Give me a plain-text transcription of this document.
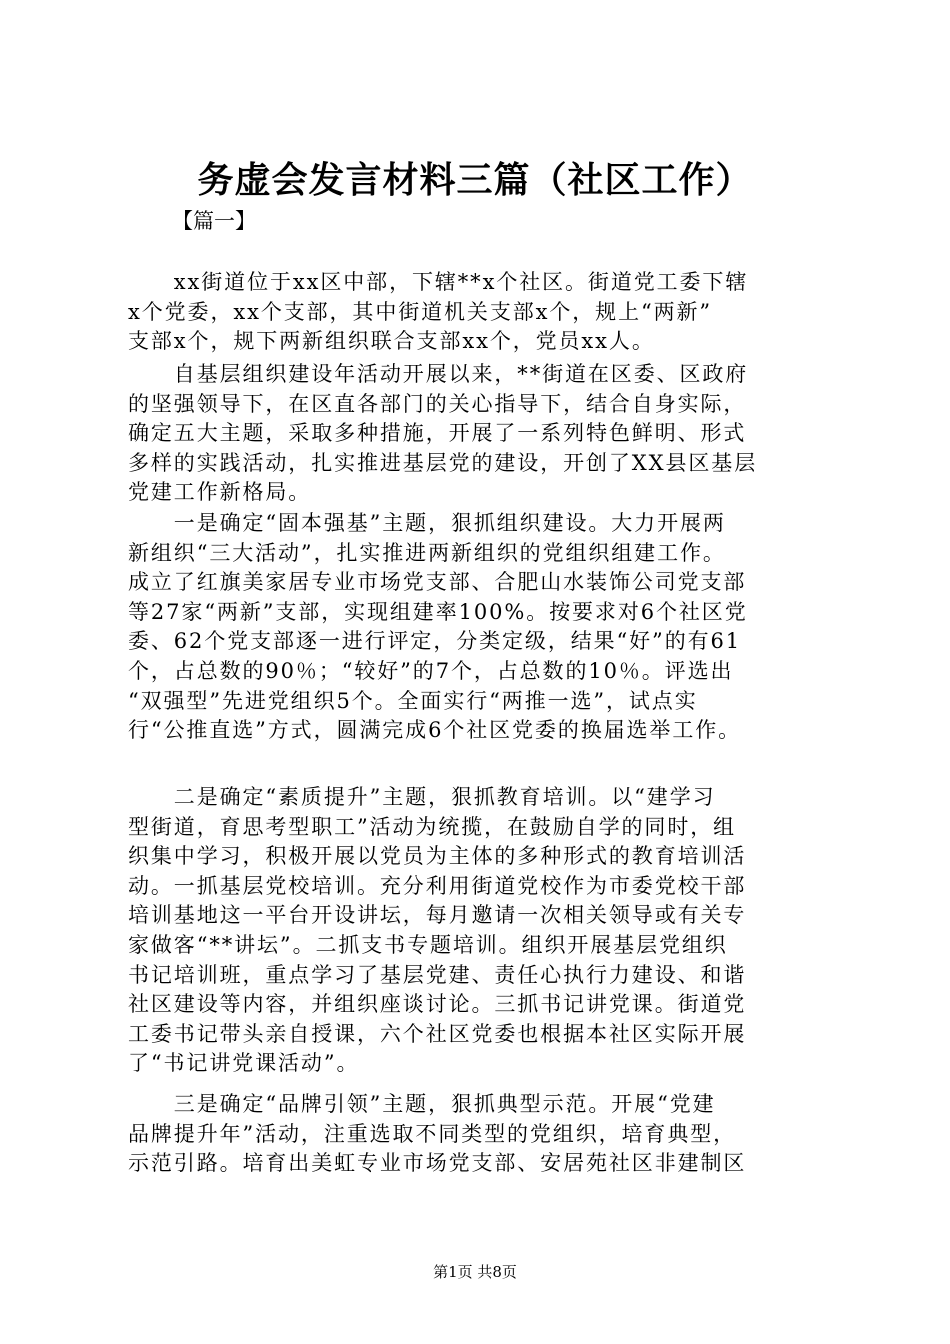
务虚会发言材料三篇（社区工作）
【篇一】
　　xx街道位于xx区中部，下辖**x个社区。街道党工委下辖
x个党委，xx个支部，其中街道机关支部x个，规上“两新”
支部x个，规下两新组织联合支部xx个，党员xx人。
　　自基层组织建设年活动开展以来，**街道在区委、区政府
的坚强领导下，在区直各部门的关心指导下，结合自身实际，
确定五大主题，采取多种措施，开展了一系列特色鲜明、形式
多样的实践活动，扎实推进基层党的建设，开创了XX县区基层
党建工作新格局。
　　一是确定“固本强基”主题，狠抓组织建设。大力开展两
新组织“三大活动”，扎实推进两新组织的党组织组建工作。
成立了红旗美家居专业市场党支部、合肥山水装饰公司党支部
等27家“两新”支部，实现组建率100%。按要求对6个社区党
委、62个党支部逐一进行评定，分类定级，结果“好”的有61
个，占总数的90％；“较好”的7个，占总数的10％。评选出
“双强型”先进党组织5个。全面实行“两推一选”，试点实
行“公推直选”方式，圆满完成6个社区党委的换届选举工作。
　　二是确定“素质提升”主题，狠抓教育培训。以“建学习
型街道，育思考型职工”活动为统揽，在鼓励自学的同时，组
织集中学习，积极开展以党员为主体的多种形式的教育培训活
动。一抓基层党校培训。充分利用街道党校作为市委党校干部
培训基地这一平台开设讲坛，每月邀请一次相关领导或有关专
家做客“**讲坛”。二抓支书专题培训。组织开展基层党组织
书记培训班，重点学习了基层党建、责任心执行力建设、和谐
社区建设等内容，并组织座谈讨论。三抓书记讲党课。街道党
工委书记带头亲自授课，六个社区党委也根据本社区实际开展
了“书记讲党课活动”。
　　三是确定“品牌引领”主题，狠抓典型示范。开展“党建
品牌提升年”活动，注重选取不同类型的党组织，培育典型，
示范引路。培育出美虹专业市场党支部、安居苑社区非建制区
第1页 共8页
